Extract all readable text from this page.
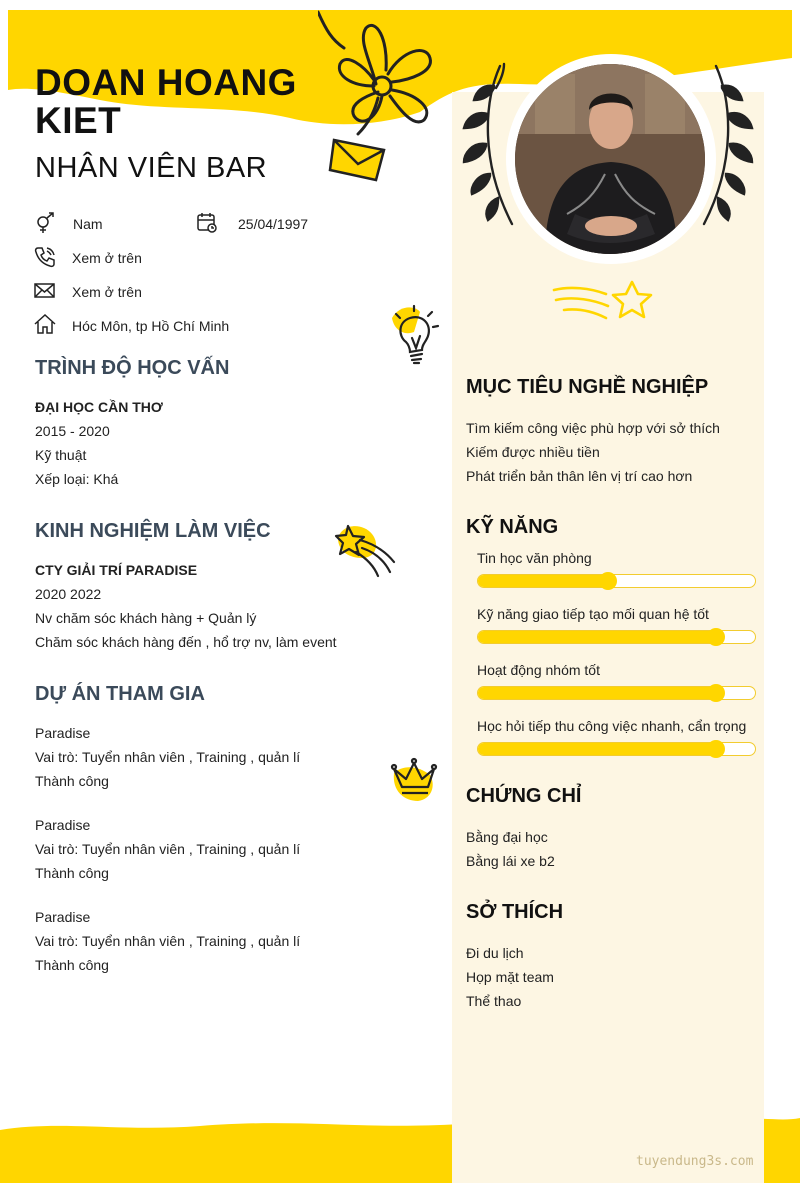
DOAN HOANG KIET
NHÂN VIÊN BAR
Nam	25/04/1997
Xem ở trên
Xem ở trên
Hóc Môn, tp Hồ Chí Minh
TRÌNH ĐỘ HỌC VẤN
ĐẠI HỌC CẦN THƠ
2015 - 2020
Kỹ thuật
Xếp loại: Khá
KINH NGHIỆM LÀM VIỆC
CTY GIẢI TRÍ PARADISE
2020 2022
Nv chăm sóc khách hàng + Quản lý
Chăm sóc khách hàng đến , hổ trợ nv, làm event
DỰ ÁN THAM GIA
Paradise
Vai trò: Tuyển nhân viên , Training , quản lí
Thành công
Paradise
Vai trò: Tuyển nhân viên , Training , quản lí
Thành công
Paradise
Vai trò: Tuyển nhân viên , Training , quản lí
Thành công
MỤC TIÊU NGHỀ NGHIỆP
Tìm kiếm công việc phù hợp với sở thích
Kiếm được nhiều tiền
Phát triển bản thân lên vị trí cao hơn
KỸ NĂNG
Tin học văn phòng
Kỹ năng giao tiếp tạo mối quan hệ tốt
Hoạt động nhóm tốt
Học hỏi tiếp thu công việc nhanh, cẩn trọng
CHỨNG CHỈ
Bằng đại học
Bằng lái xe b2
SỞ THÍCH
Đi du lịch
Họp mặt team
Thể thao
tuyendung3s.com
